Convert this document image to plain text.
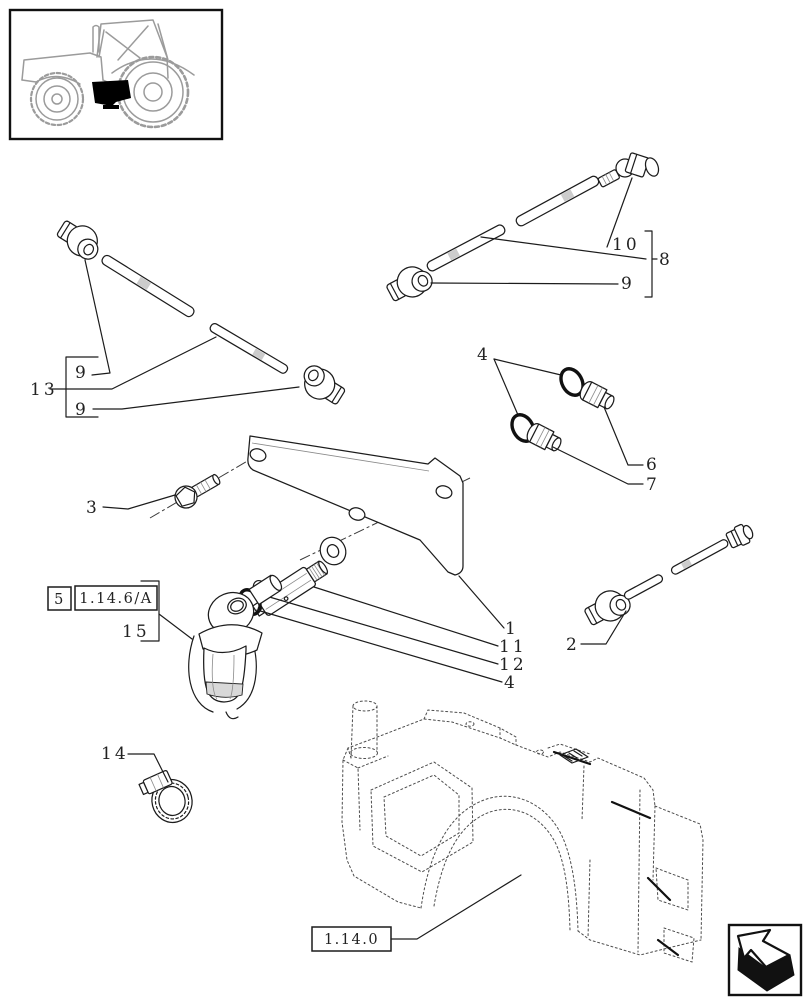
10
8
9
9
13
9
4
6
7
3
1
11
12
4
5 1.14.6/A
15
2
14
1.14.0
